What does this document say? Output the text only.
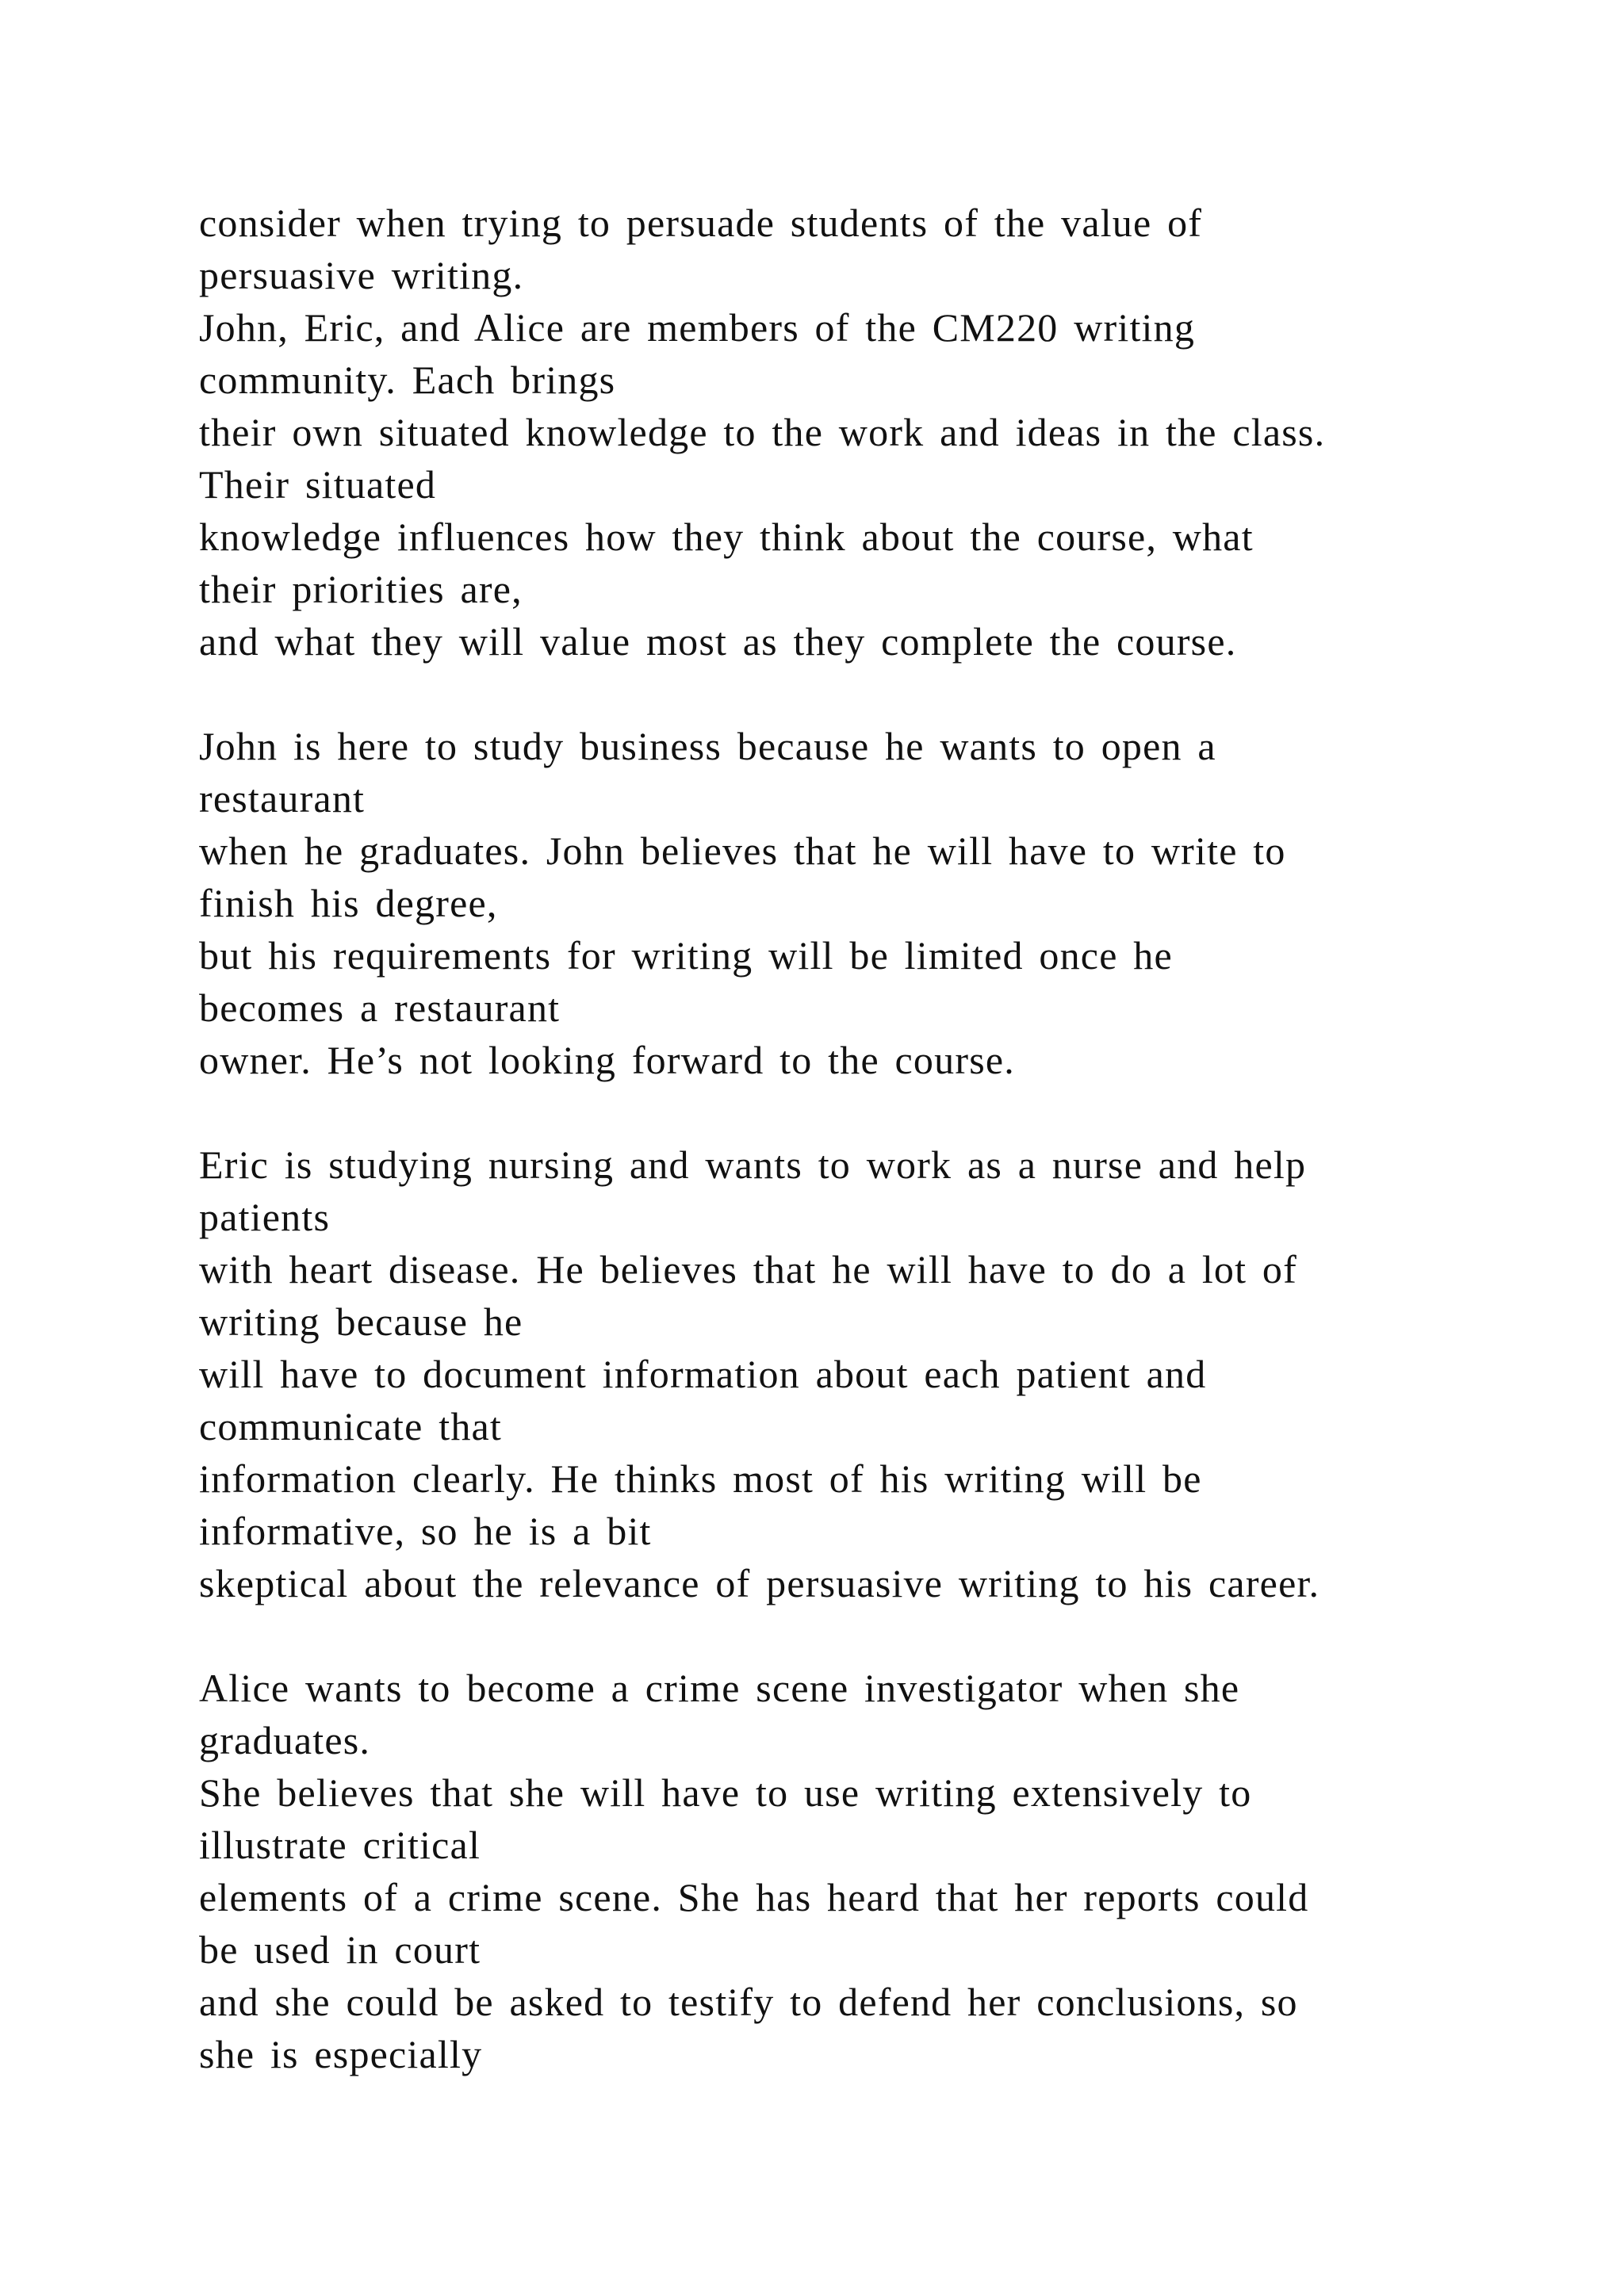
consider when trying to persuade students of the value of
persuasive writing.
John, Eric, and Alice are members of the CM220 writing
community. Each brings
their own situated knowledge to the work and ideas in the class.
Their situated
knowledge influences how they think about the course, what
their priorities are,
and what they will value most as they complete the course.

John is here to study business because he wants to open a
restaurant
when he graduates. John believes that he will have to write to
finish his degree,
but his requirements for writing will be limited once he
becomes a restaurant
owner. He’s not looking forward to the course.

Eric is studying nursing and wants to work as a nurse and help
patients
with heart disease. He believes that he will have to do a lot of
writing because he
will have to document information about each patient and
communicate that
information clearly. He thinks most of his writing will be
informative, so he is a bit
skeptical about the relevance of persuasive writing to his career.

Alice wants to become a crime scene investigator when she
graduates.
She believes that she will have to use writing extensively to
illustrate critical
elements of a crime scene. She has heard that her reports could
be used in court
and she could be asked to testify to defend her conclusions, so
she is especially
